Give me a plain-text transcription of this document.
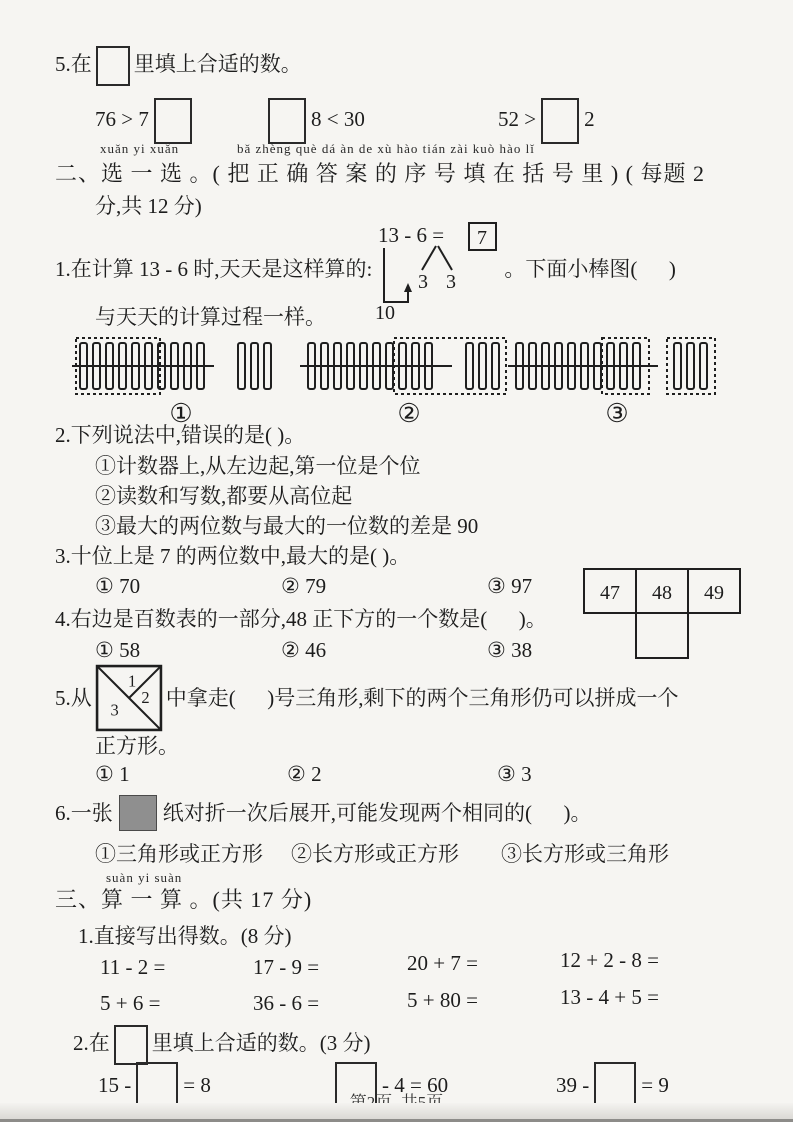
5.在 里填上合适的数。
76 > 7	8 < 30	52 > 2
xuǎn yi xuǎn	bǎ zhèng què dá àn de xù hào tián zài kuò hào lǐ
二、选 一 选 。( 把 正 确 答 案 的 序 号 填 在 括 号 里 ) ( 每题 2
分,共 12 分)
1.在计算 13 - 6 时,天天是这样算的:
13 - 6 = 7
3 3
10
。下面小棒图(      )
与天天的计算过程一样。
①	②	③
2.下列说法中,错误的是( )。
①计数器上,从左边起,第一位是个位
②读数和写数,都要从高位起
③最大的两位数与最大的一位数的差是 90
3.十位上是 7 的两位数中,最大的是( )。
① 70	② 79	③ 97	47 48 49
4.右边是百数表的一部分,48 正下方的一个数是(      )。
① 58	② 46	③ 38
5.从
1
2
3
中拿走(      )号三角形,剩下的两个三角形仍可以拼成一个
正方形。
① 1	② 2	③ 3
6.一张 纸对折一次后展开,可能发现两个相同的(      )。
①三角形或正方形 ②长方形或正方形 ③长方形或三角形
suàn yi suàn
三、算 一 算 。(共 17 分)
1.直接写出得数。(8 分)
11 - 2 =	17 - 9 =	20 + 7 =	12 + 2 - 8 =
5 + 6 =	36 - 6 =	5 + 80 =	13 - 4 + 5 =
2.在 里填上合适的数。(3 分)
15 - = 8	- 4 = 60	39 - = 9
